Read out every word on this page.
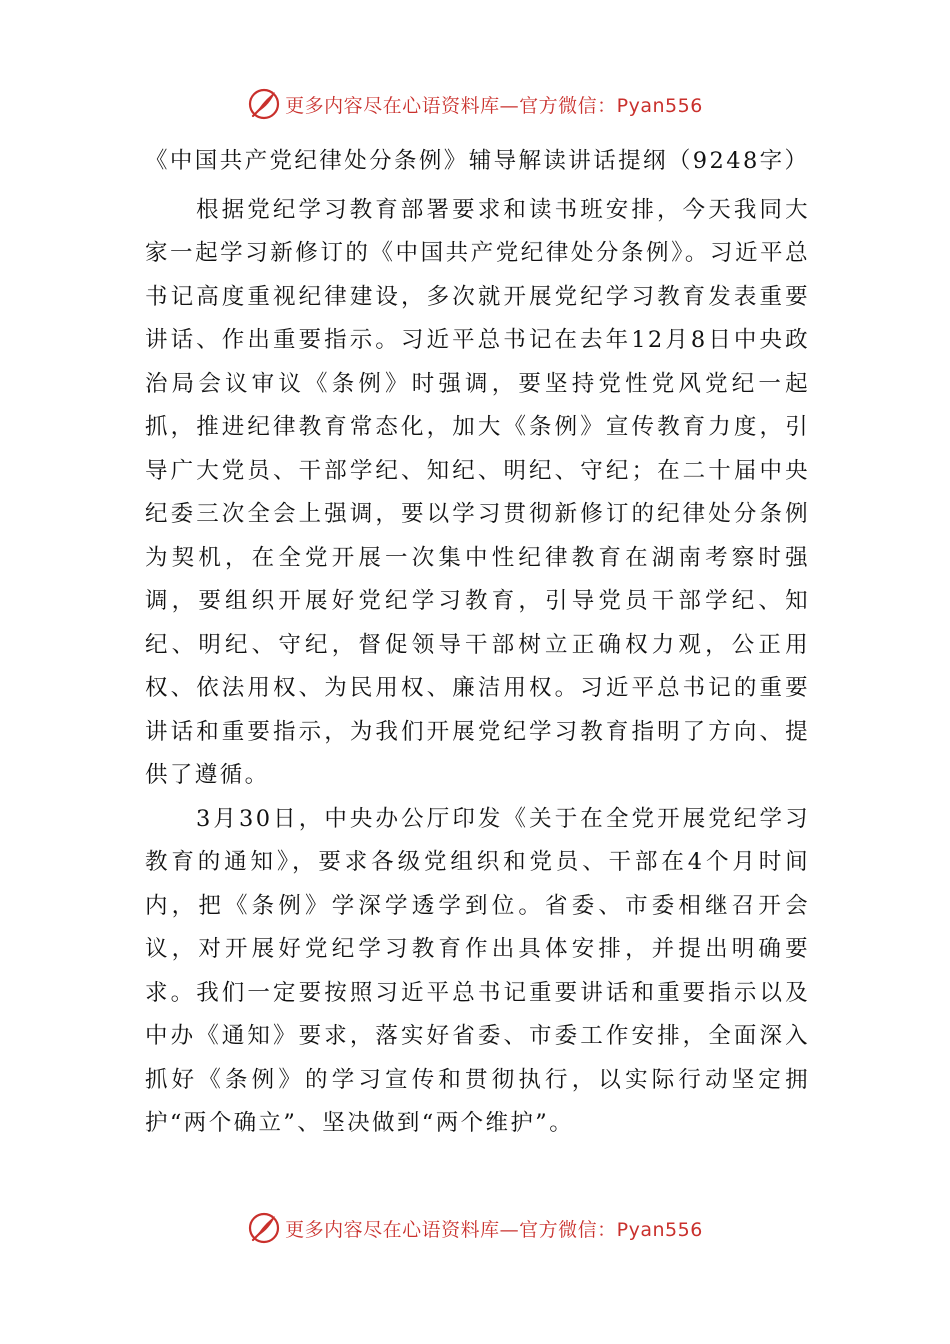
更多内容尽在心语资料库—官方微信：Pyan556

《中国共产党纪律处分条例》辅导解读讲话提纲（9248字）

根据党纪学习教育部署要求和读书班安排，今天我同大家一起学习新修订的《中国共产党纪律处分条例》。习近平总书记高度重视纪律建设，多次就开展党纪学习教育发表重要讲话、作出重要指示。习近平总书记在去年12月8日中央政治局会议审议《条例》时强调，要坚持党性党风党纪一起抓，推进纪律教育常态化，加大《条例》宣传教育力度，引导广大党员、干部学纪、知纪、明纪、守纪；在二十届中央纪委三次全会上强调，要以学习贯彻新修订的纪律处分条例为契机，在全党开展一次集中性纪律教育在湖南考察时强调，要组织开展好党纪学习教育，引导党员干部学纪、知纪、明纪、守纪，督促领导干部树立正确权力观，公正用权、依法用权、为民用权、廉洁用权。习近平总书记的重要讲话和重要指示，为我们开展党纪学习教育指明了方向、提供了遵循。

3月30日，中央办公厅印发《关于在全党开展党纪学习教育的通知》，要求各级党组织和党员、干部在4个月时间内，把《条例》学深学透学到位。省委、市委相继召开会议，对开展好党纪学习教育作出具体安排，并提出明确要求。我们一定要按照习近平总书记重要讲话和重要指示以及中办《通知》要求，落实好省委、市委工作安排，全面深入抓好《条例》的学习宣传和贯彻执行，以实际行动坚定拥护“两个确立”、坚决做到“两个维护”。

更多内容尽在心语资料库—官方微信：Pyan556
